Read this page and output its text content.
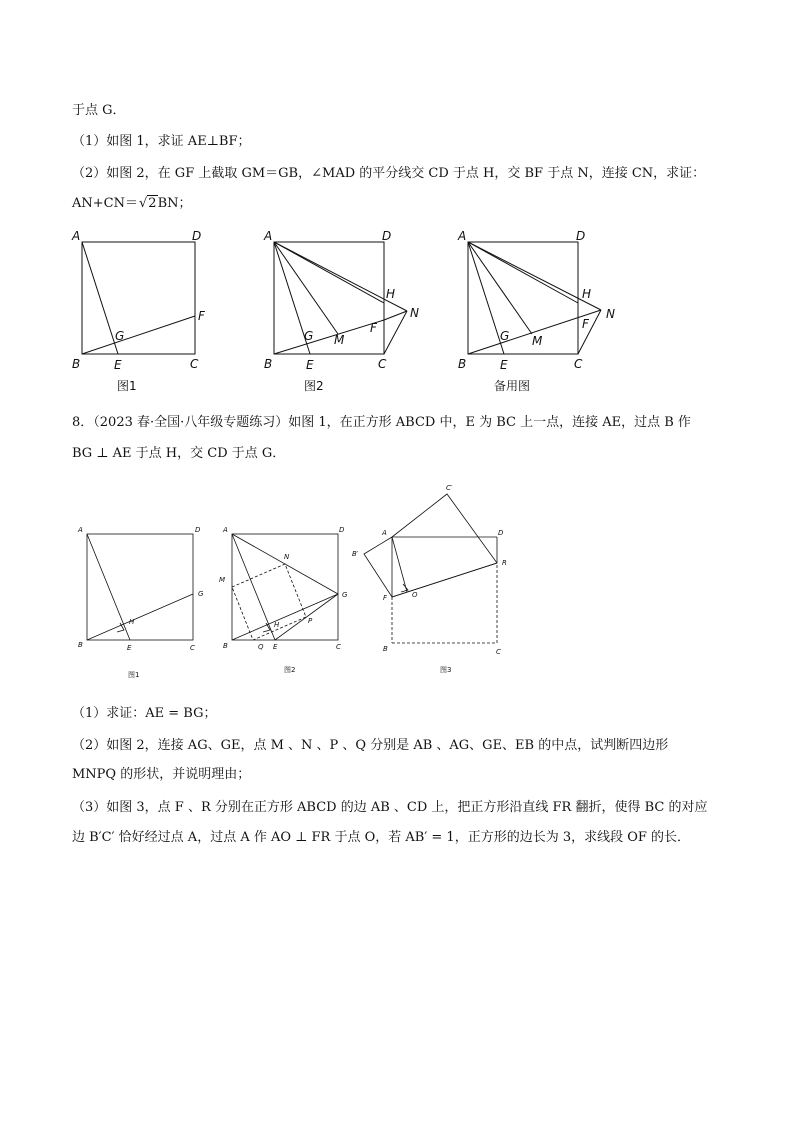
于点 G．
（1）如图 1，求证 AE⊥BF；
（2）如图 2，在 GF 上截取 GM＝GB，∠MAD 的平分线交 CD 于点 H，交 BF 于点 N，连接 CN，求证：
AN+CN＝√2BN；
A	D
B	E	C
F
G
图1
A	D
B	E	C
H
N
F
G M
图2
A	D
B	E	C
H
N
F
G M
备用图
8．（2023 春·全国·八年级专题练习）如图 1，在正方形 ABCD 中，E 为 BC 上一点，连接 AE，过点 B 作
BG ⊥ AE 于点 H，交 CD 于点 G．
A	D
B	E	C
G
H
图1
A	D
B	E	C
G
H
M
N
P
Q
图2
A	D
B	C
F
R
O
B′
C′
图3
（1）求证：AE = BG；
（2）如图 2，连接 AG、GE，点 M 、N 、P 、Q 分别是 AB 、AG、GE、EB 的中点，试判断四边形
MNPQ 的形状，并说明理由；
（3）如图 3，点 F 、R 分别在正方形 ABCD 的边 AB 、CD 上，把正方形沿直线 FR 翻折，使得 BC 的对应
边 B′C′ 恰好经过点 A，过点 A 作 AO ⊥ FR 于点 O，若 AB′ = 1，正方形的边长为 3，求线段 OF 的长．
